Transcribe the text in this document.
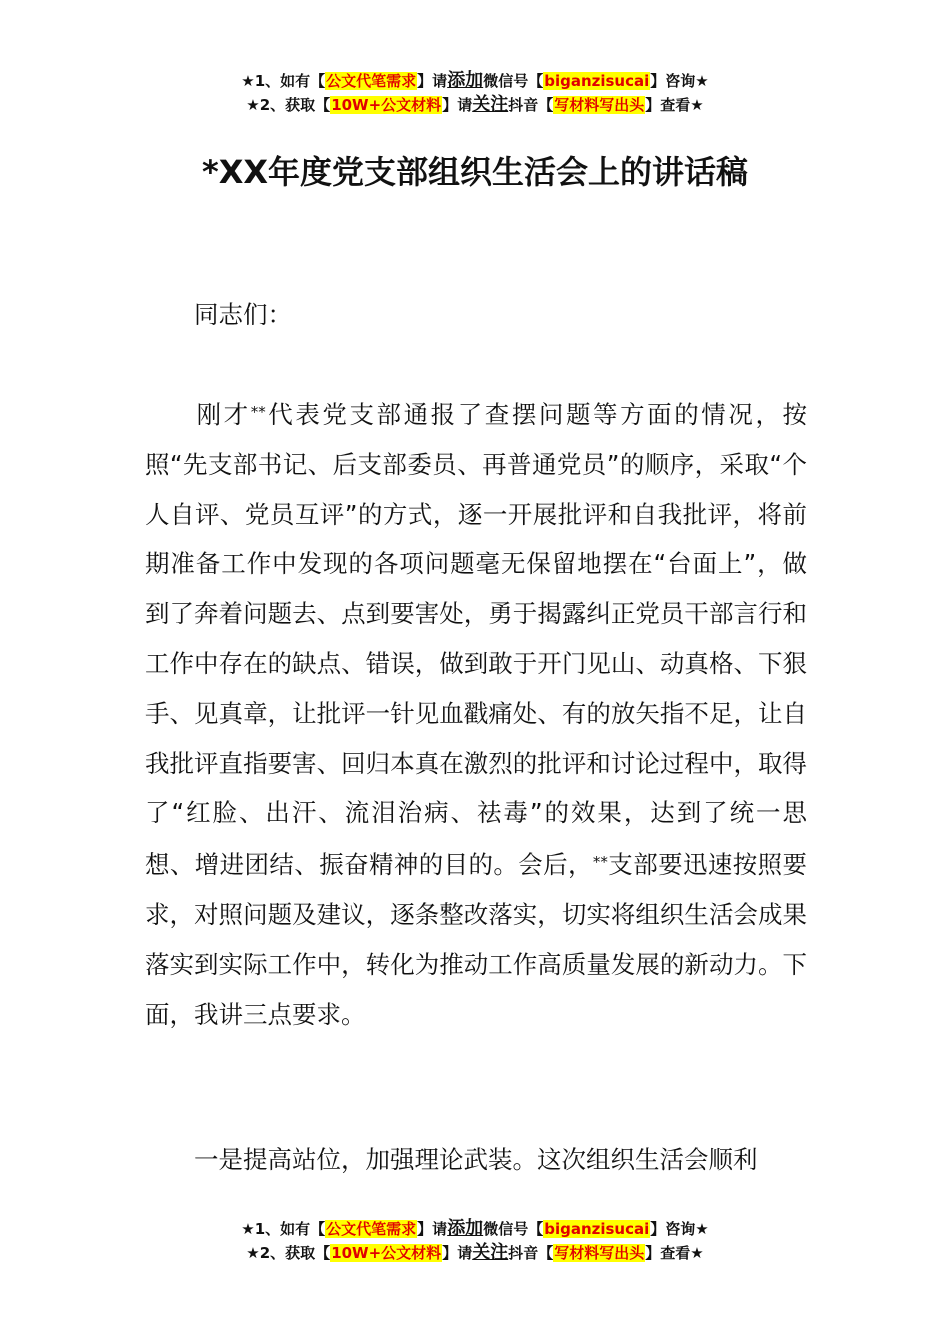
★1、如有【公文代笔需求】请添加微信号【biganzisucai】咨询★
★2、获取【10W+公文材料】请关注抖音【写材料写出头】查看★
*XX年度党支部组织生活会上的讲话稿
同志们：
刚才**代表党支部通报了查摆问题等方面的情况，按照“先支部书记、后支部委员、再普通党员”的顺序，采取“个人自评、党员互评”的方式，逐一开展批评和自我批评，将前期准备工作中发现的各项问题毫无保留地摆在“台面上”，做到了奔着问题去、点到要害处，勇于揭露纠正党员干部言行和工作中存在的缺点、错误，做到敢于开门见山、动真格、下狠手、见真章，让批评一针见血戳痛处、有的放矢指不足，让自我批评直指要害、回归本真在激烈的批评和讨论过程中，取得了“红脸、出汗、流泪治病、祛毒”的效果，达到了统一思想、增进团结、振奋精神的目的。会后，**支部要迅速按照要求，对照问题及建议，逐条整改落实，切实将组织生活会成果落实到实际工作中，转化为推动工作高质量发展的新动力。下面，我讲三点要求。
一是提高站位，加强理论武装。这次组织生活会顺利
★1、如有【公文代笔需求】请添加微信号【biganzisucai】咨询★
★2、获取【10W+公文材料】请关注抖音【写材料写出头】查看★
